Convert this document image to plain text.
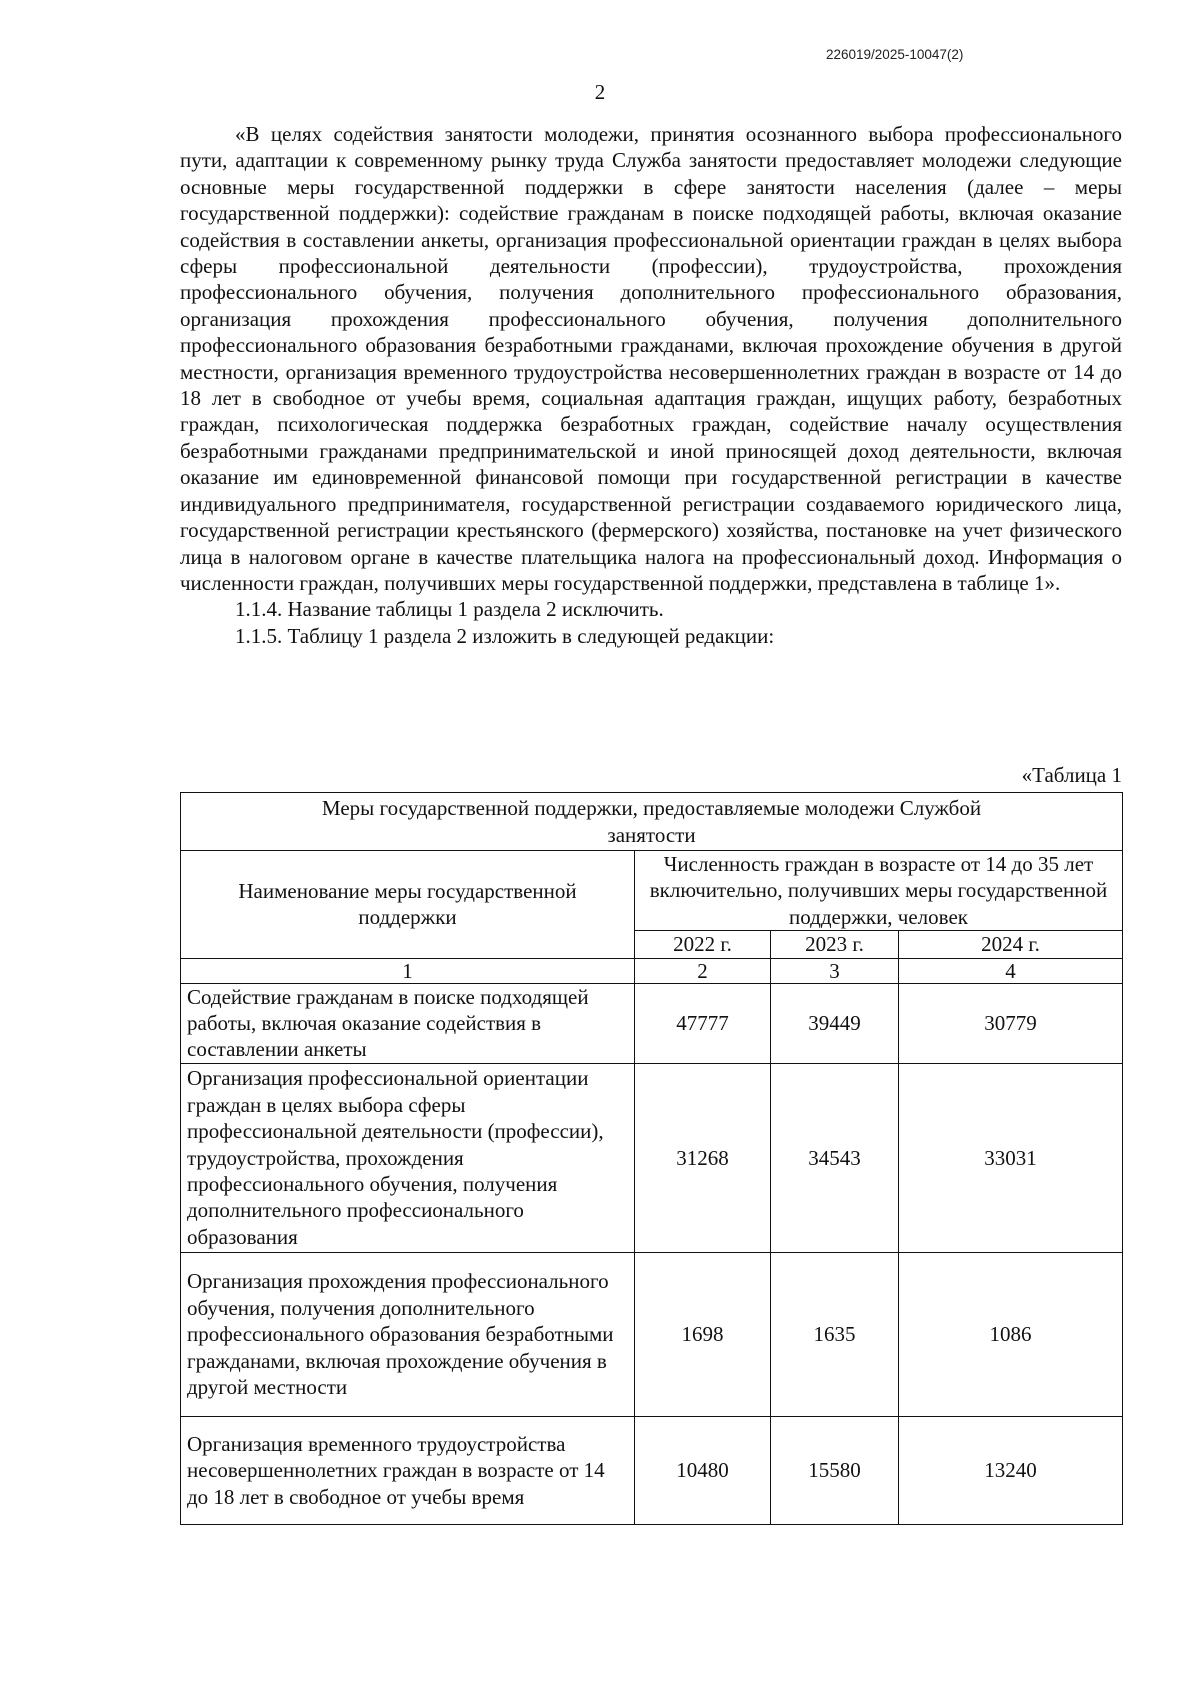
226019/2025-10047(2)
2

«В целях содействия занятости молодежи, принятия осознанного выбора профессионального пути, адаптации к современному рынку труда Служба занятости предоставляет молодежи следующие основные меры государственной поддержки в сфере занятости населения (далее – меры государственной поддержки): содействие гражданам в поиске подходящей работы, включая оказание содействия в составлении анкеты, организация профессиональной ориентации граждан в целях выбора сферы профессиональной деятельности (профессии), трудоустройства, прохождения профессионального обучения, получения дополнительного профессионального образования, организация прохождения профессионального обучения, получения дополнительного профессионального образования безработными гражданами, включая прохождение обучения в другой местности, организация временного трудоустройства несовершеннолетних граждан в возрасте от 14 до 18 лет в свободное от учебы время, социальная адаптация граждан, ищущих работу, безработных граждан, психологическая поддержка безработных граждан, содействие началу осуществления безработными гражданами предпринимательской и иной приносящей доход деятельности, включая оказание им единовременной финансовой помощи при государственной регистрации в качестве индивидуального предпринимателя, государственной регистрации создаваемого юридического лица, государственной регистрации крестьянского (фермерского) хозяйства, постановке на учет физического лица в налоговом органе в качестве плательщика налога на профессиональный доход. Информация о численности граждан, получивших меры государственной поддержки, представлена в таблице 1».

1.1.4. Название таблицы 1 раздела 2 исключить.

1.1.5. Таблицу 1 раздела 2 изложить в следующей редакции:

«Таблица 1
Меры государственной поддержки, предоставляемые молодежи Службой занятости			
Наименование меры государственной поддержки	Численность граждан в возрасте от 14 до 35 лет включительно, получивших меры государственной поддержки, человек		
	2022 г.	2023 г.	2024 г.
1	2	3	4
Содействие гражданам в поиске подходящей работы, включая оказание содействия в составлении анкеты	47777	39449	30779
Организация профессиональной ориентации граждан в целях выбора сферы профессиональной деятельности (профессии), трудоустройства, прохождения профессионального обучения, получения дополнительного профессионального образования	31268	34543	33031
Организация прохождения профессионального обучения, получения дополнительного профессионального образования безработными гражданами, включая прохождение обучения в другой местности	1698	1635	1086
Организация временного трудоустройства несовершеннолетних граждан в возрасте от 14 до 18 лет в свободное от учебы время	10480	15580	13240
